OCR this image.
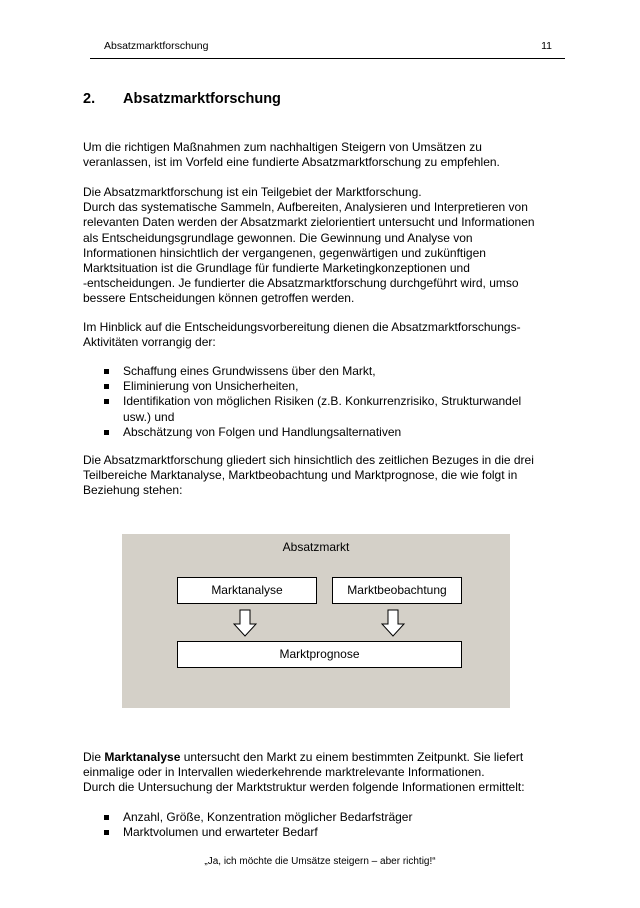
Absatzmarktforschung	11
2. Absatzmarktforschung
Um die richtigen Maßnahmen zum nachhaltigen Steigern von Umsätzen zu
veranlassen, ist im Vorfeld eine fundierte Absatzmarktforschung zu empfehlen.
Die Absatzmarktforschung ist ein Teilgebiet der Marktforschung.
Durch das systematische Sammeln, Aufbereiten, Analysieren und Interpretieren von
relevanten Daten werden der Absatzmarkt zielorientiert untersucht und Informationen
als Entscheidungsgrundlage gewonnen. Die Gewinnung und Analyse von
Informationen hinsichtlich der vergangenen, gegenwärtigen und zukünftigen
Marktsituation ist die Grundlage für fundierte Marketingkonzeptionen und
-entscheidungen. Je fundierter die Absatzmarktforschung durchgeführt wird, umso
bessere Entscheidungen können getroffen werden.
Im Hinblick auf die Entscheidungsvorbereitung dienen die Absatzmarktforschungs-
Aktivitäten vorrangig der:
Schaffung eines Grundwissens über den Markt,
Eliminierung von Unsicherheiten,
Identifikation von möglichen Risiken (z.B. Konkurrenzrisiko, Strukturwandel
usw.) und
Abschätzung von Folgen und Handlungsalternativen
Die Absatzmarktforschung gliedert sich hinsichtlich des zeitlichen Bezuges in die drei
Teilbereiche Marktanalyse, Marktbeobachtung und Marktprognose, die wie folgt in
Beziehung stehen:
Absatzmarkt
Marktanalyse	Marktbeobachtung
Marktprognose
Die Marktanalyse untersucht den Markt zu einem bestimmten Zeitpunkt. Sie liefert
einmalige oder in Intervallen wiederkehrende marktrelevante Informationen.
Durch die Untersuchung der Marktstruktur werden folgende Informationen ermittelt:
Anzahl, Größe, Konzentration möglicher Bedarfsträger
Marktvolumen und erwarteter Bedarf
„Ja, ich möchte die Umsätze steigern – aber richtig!“
